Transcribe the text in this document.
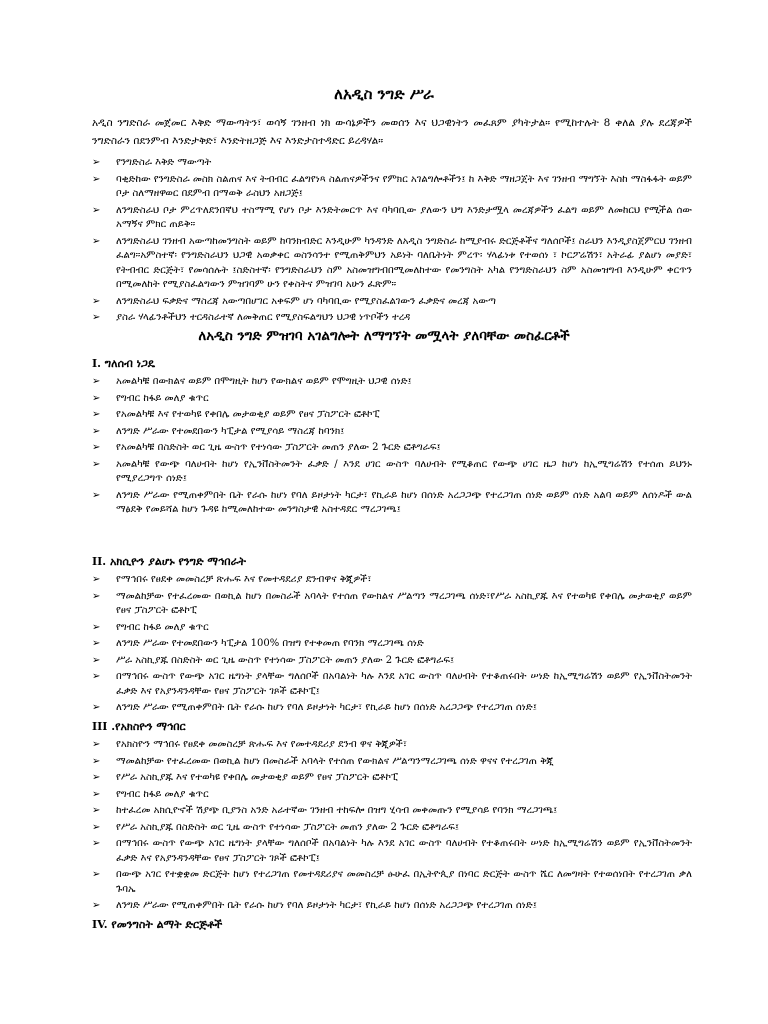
ለአዲስ ንግድ ሥራ

አዲስ ንግድስራ መጀመር እቅድ ማውጣትን፣ ወሳኝ ገንዘብ ነክ ውሳኔዎችን መወሰን እና ህጋዊነትን መፈጸም ያካትታል። የሚከተሉት 8 ቀለል ያሉ ደረጃዎች ንግድስራን በደንምብ እንድታቅድ፣ እንድትዘጋጅ እና እንድታስተዳድር ይረዳሃል።

➢ የንግድስራ እቅድ ማውጣት
➢ ባቂድከው የንግድስራ መስክ ስልጠና እና ትብብር ፈልግየነጻ ስልጠናዎችንና የምክር አገልግሎቶችን፤ ከ እቅድ ማዘጋጀት እና ገንዘብ ማግኘት እስከ ማስፋፋት ወይም ቦታ ስለማዘዋወር በደምብ በማወቅ ራስህን አዘጋጅ፤
➢ ለንግድስራህ ቦታ ምረጥለደንበኛህ ተስማሚ የሆነ ቦታ እንድትመርጥ እና ባካባቢው ያለውን ህግ እንድታሟላ መረጃዎችን ፈልግ ወይም ለመከርህ የሚችል ሰው አማኝና ምክር ጠይቅ።
➢ ለንግድስራህ ገንዘብ አውጣከመንግስት ወይም ከባንክብድር እንዲሁም ካንዳንድ ለአዲስ ንግድስራ ከሚያብሩ ድርጅቶችና ግለሰቦች፤ ስራህን እንዲያስጀምርህ ገንዘብ ፈልግ።አምስተኛ፡ የንግድስራህን ህጋዊ አወቃቀር ወስንሳንተ የሚጠቅምህን አይነት ባለቤትነት ምረጥ፡ ሃላፊነቱ የተወሰነ ፣ ኮርፖሬሽን፣ አትራፊ ያልሆነ መያድ፣ የትብብር ድርጅት፣ የመሳሰሉት ፤ስድስተኛ፡ የንግድስራህን ስም አስመዝግብበሚመለከተው የመንግስት አካል የንግድስራህን ስም አስመዝግብ እንዲሁም ቀርጥን በሚመለከት የሚያስፈልግውን ምዝገባም ሁን የቀስትና ምዝገባ አሁን ፈጽም።
➢ ለንግድስራህ ፍቃድና ማስረጃ አውጣበሆገር አቀፍም ሆነ ባካባቢው የሚያስፈልገውን ፈቃድና መረጃ አውጣ
➢ ያስራ ሃላፊንቶችህን ተርዳስራተኛ ለመቅጠር የሚያስፍልግህን ህጋዊ ነጥቦችን ተረዳ
ለአዲስ ንግድ ምዝገባ አገልግሎት ለማግኘት መሟላት ያለባቸው መስፈርቶች
I. ግለሰብ ነጋዴ
➢ አመልካቹ በውክልና ወይም በሞግዚት ከሆነ የውክልና ወይም የሞግዚት ህጋዊ ሰነድ፤
➢ የግብር ከፋይ መለያ ቁጥር
➢ የአመልካቹ እና የተወካዩ የቀበሌ መታወቂያ ወይም የፀና ፓስፖርት ፎቶኮፒ
➢ ለንግድ ሥራው የተመደበውን ካፒታል የሚያሳይ ማስረጃ ከባንክ፤
➢ የአመልካቹ በስድስት ወር ጊዜ ውስጥ የተነሳው ፓስፖርት መጠን ያለው 2 ጉርድ ፎቶግራፍ፤
➢ አመልካቹ የውጭ ባለሀብት ከሆነ የኢንቨስትመንት ፈቃድ / እንደ ሀገር ውስጥ ባለሀብት የሚቆጠር የውጭ ሀገር ዜጋ ከሆነ ከኢሚግሬሽን የተሰጠ ይህንኑ የሚያረጋግጥ ሰነድ፤
➢ ለንግድ ሥራው የሚጠቀምበት ቤት የራሱ ከሆነ የባለ ይዞታነት ካርታ፣ የኪራይ ከሆነ በሰነድ አረጋጋጭ የተረጋገጠ ሰነድ ወይም ሰነድ አልባ ወይም ለሰነዶች ውል ማፅደቅ የመይሻል ከሆነ ጉዳዩ ከሚመለከተው መንግስታዊ አስተዳደር ማረጋገጫ፤
II. አክሲዮን ያልሆኑ የንግድ ማኅበራት
➢ የማኅበሩ የፀደቀ መመስረቻ ጽሑፍ እና የመተዳደሪያ ደንብዋና ቅጂዎች፣
➢ ማመልከቻው የተፈረመው በወኪል ከሆነ በመስራች አባላት የተሰጠ የውክልና ሥልጣን ማረጋገጫ ሰነድ፣የሥራ አስኪያጁ እና የተወካዩ የቀበሌ መታወቂያ ወይም የፀና ፓስፖርት ፎቶኮፒ
➢ የግብር ከፋይ መለያ ቁጥር
➢ ለንግድ ሥራው የተመደበውን ካፒታል 100% በዝግ የተቀመጠ የባንክ ማረጋገጫ ሰነድ
➢ ሥራ አስኪያጁ በስድስት ወር ጊዜ ውስጥ የተነሳው ፓስፖርት መጠን ያለው 2 ጉርድ ፎቶግራፍ፤
➢ በማኅበሩ ውስጥ የውጭ አገር ዜግነት ያላቸው ግለሰቦች በአባልነት ካሉ እንደ አገር ውስጥ ባለሀብት የተቆጠሩበት ሠነድ ከኢሚግሬሽን ወይም የኢንቨስትመንት ፈቃድ እና የአያንዳንዳቸው የፀና ፓስፖርት ገጾች ፎቶኮፒ፤
➢ ለንግድ ሥራው የሚጠቀምበት ቤት የራሱ ከሆነ የባለ ይዞታነት ካርታ፣ የኪራይ ከሆነ በሰነድ አረጋጋጭ የተረጋገጠ ሰነድ፤
III .የአክስዮን ማኅበር
➢ የአክስዮን ማኅበሩ የፀደቀ መመስረቻ ጽሑፍ እና የመተዳደሪያ ደንብ ዋና ቅጂዎች፣
➢ ማመልከቻው የተፈረመው በወኪል ከሆነ በመስራች አባላት የተሰጠ የውክልና ሥልጣንማረጋገጫ ሰነድ ዋናና የተረጋገጠ ቅጂ
➢ የሥራ አስኪያጁ እና የተወካዩ የቀበሌ መታወቂያ ወይም የፀና ፓስፖርት ፎቶኮፒ
➢ የግብር ከፋይ መለያ ቁጥር
➢ ከተፈረመ አክሲዮኖች ሽያጭ ቢያንስ አንድ አራተኛው ገንዘብ ተከፍሎ በዝግ ሂሳብ መቀመጡን የሚያሳይ የባንክ ማረጋገጫ፤
➢ የሥራ አስኪያጁ በስድስት ወር ጊዜ ውስጥ የተነሳው ፓስፖርት መጠን ያለው 2 ጉርድ ፎቶግራፍ፤
➢ በማኅበሩ ውስጥ የውጭ አገር ዜግነት ያላቸው ግለሰቦች በአባልነት ካሉ እንደ አገር ውስጥ ባለሀብት የተቆጠሩበት ሠነድ ከኢሚግሬሽን ወይም የኢንቨስትመንት ፈቃድ እና የአያንዳንዳቸው የፀና ፓስፖርት ገጾች ፎቶኮፒ፤
➢ በውጭ አገር የተቋቋመ ድርጅት ከሆነ የተረጋገጠ የመተዳደሪያና መመስረቻ ፁሁፈ በኢትዮጲያ በነባር ድርጅት ውስጥ ሼር ለመግዛት የተወሰነበት የተረጋገጠ ቃለ ጉባኤ
➢ ለንግድ ሥራው የሚጠቀምበት ቤት የራሱ ከሆነ የባለ ይዞታነት ካርታ፣ የኪራይ ከሆነ በሰነድ አረጋጋጭ የተረጋገጠ ሰነድ፤
IV. የመንግስት ልማት ድርጅቶች
